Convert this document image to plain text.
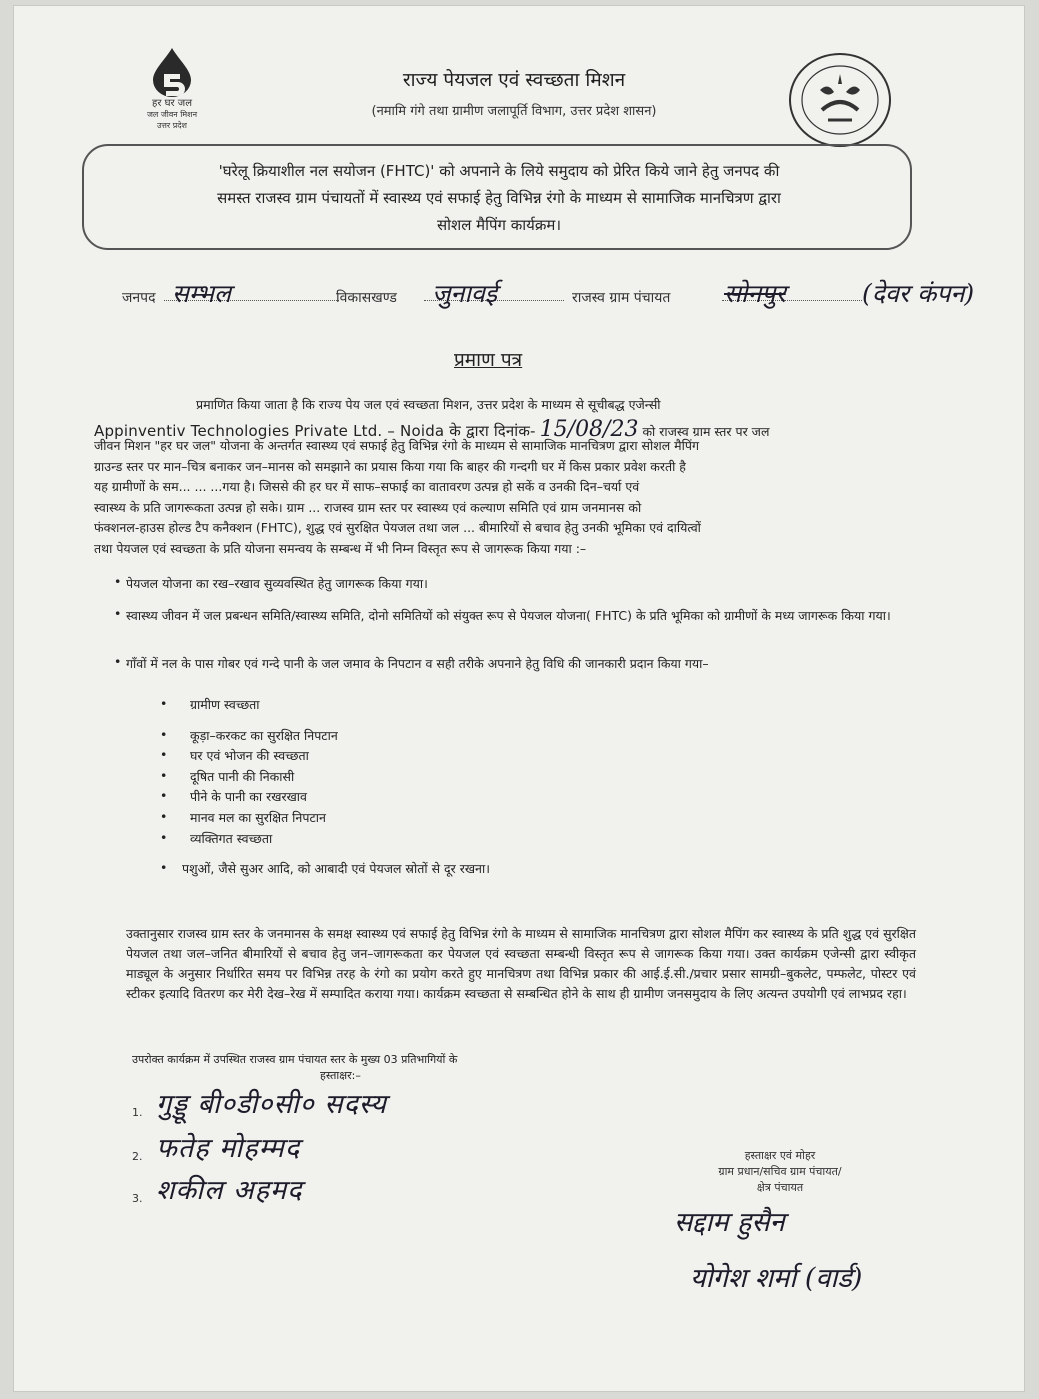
हर घर जल
जल जीवन मिशन
उत्तर प्रदेश
राज्य पेयजल एवं स्वच्छता मिशन
(नमामि गंगे तथा ग्रामीण जलापूर्ति विभाग, उत्तर प्रदेश शासन)
'घरेलू क्रियाशील नल सयोजन (FHTC)' को अपनाने के लिये समुदाय को प्रेरित किये जाने हेतु जनपद की
समस्त राजस्व ग्राम पंचायतों में स्वास्थ्य एवं सफाई हेतु विभिन्न रंगो के माध्यम से सामाजिक मानचित्रण द्वारा
सोशल मैपिंग कार्यक्रम।
जनपद सम्भल	विकासखण्ड जुनावई	राजस्व ग्राम पंचायत सोनपुर	(देवर कंपन)
प्रमाण पत्र
प्रमाणित किया जाता है कि राज्य पेय जल एवं स्वच्छता मिशन, उत्तर प्रदेश के माध्यम से सूचीबद्ध एजेन्सी
Appinventiv Technologies Private Ltd. – Noida के द्वारा दिनांक- 15/08/23 को राजस्व ग्राम स्तर पर जल
जीवन मिशन "हर घर जल" योजना के अन्तर्गत स्वास्थ्य एवं सफाई हेतु विभिन्न रंगो के माध्यम से सामाजिक मानचित्रण द्वारा सोशल मैपिंग
ग्राउन्ड स्तर पर मान–चित्र बनाकर जन–मानस को समझाने का प्रयास किया गया कि बाहर की गन्दगी घर में किस प्रकार प्रवेश करती है
यह ग्रामीणों के सम... ... ...गया है। जिससे की हर घर में साफ–सफाई का वातावरण उत्पन्न हो सकें व उनकी दिन–चर्या एवं
स्वास्थ्य के प्रति जागरूकता उत्पन्न हो सके। ग्राम ... राजस्व ग्राम स्तर पर स्वास्थ्य एवं कल्याण समिति एवं ग्राम जनमानस को
फंक्शनल-हाउस होल्ड टैप कनैक्शन (FHTC), शुद्ध एवं सुरक्षित पेयजल तथा जल ... बीमारियों से बचाव हेतु उनकी भूमिका एवं दायित्वों
तथा पेयजल एवं स्वच्छता के प्रति योजना समन्वय के सम्बन्ध में भी निम्न विस्तृत रूप से जागरूक किया गया :–
• पेयजल योजना का रख–रखाव सुव्यवस्थित हेतु जागरूक किया गया।
• स्वास्थ्य जीवन में जल प्रबन्धन समिति/स्वास्थ्य समिति, दोनो समितियों को संयुक्त रूप से पेयजल योजना( FHTC) के प्रति भूमिका को ग्रामीणों के मध्य जागरूक किया गया।
• गाँवों में नल के पास गोबर एवं गन्दे पानी के जल जमाव के निपटान व सही तरीके अपनाने हेतु विधि की जानकारी प्रदान किया गया–
• ग्रामीण स्वच्छता
• कूड़ा–करकट का सुरक्षित निपटान
• घर एवं भोजन की स्वच्छता
• दूषित पानी की निकासी
• पीने के पानी का रखरखाव
• मानव मल का सुरक्षित निपटान
• व्यक्तिगत स्वच्छता
• पशुओं, जैसे सुअर आदि, को आबादी एवं पेयजल स्रोतों से दूर रखना।
उक्तानुसार राजस्व ग्राम स्तर के जनमानस के समक्ष स्वास्थ्य एवं सफाई हेतु विभिन्न रंगो के माध्यम से सामाजिक मानचित्रण द्वारा सोशल मैपिंग कर स्वास्थ्य के प्रति शुद्ध एवं सुरक्षित पेयजल तथा जल–जनित बीमारियों से बचाव हेतु जन–जागरूकता कर पेयजल एवं स्वच्छता सम्बन्धी विस्तृत रूप से जागरूक किया गया। उक्त कार्यक्रम एजेन्सी द्वारा स्वीकृत माड्यूल के अनुसार निर्धारित समय पर विभिन्न तरह के रंगो का प्रयोग करते हुए मानचित्रण तथा विभिन्न प्रकार की आई.ई.सी./प्रचार प्रसार सामग्री–बुकलेट, पम्फलेट, पोस्टर एवं स्टीकर इत्यादि वितरण कर मेरी देख–रेख में सम्पादित कराया गया। कार्यक्रम स्वच्छता से सम्बन्धित होने के साथ ही ग्रामीण जनसमुदाय के लिए अत्यन्त उपयोगी एवं लाभप्रद रहा।
उपरोक्त कार्यक्रम में उपस्थित राजस्व ग्राम पंचायत स्तर के मुख्य 03 प्रतिभागियों के
हस्ताक्षर:–
1. गुड्डू बी०डी०सी० सदस्य
2. फतेह मोहम्मद
3. शकील अहमद
हस्ताक्षर एवं मोहर
ग्राम प्रधान/सचिव ग्राम पंचायत/
क्षेत्र पंचायत
सद्दाम हुसैन
योगेश शर्मा (वार्ड)
